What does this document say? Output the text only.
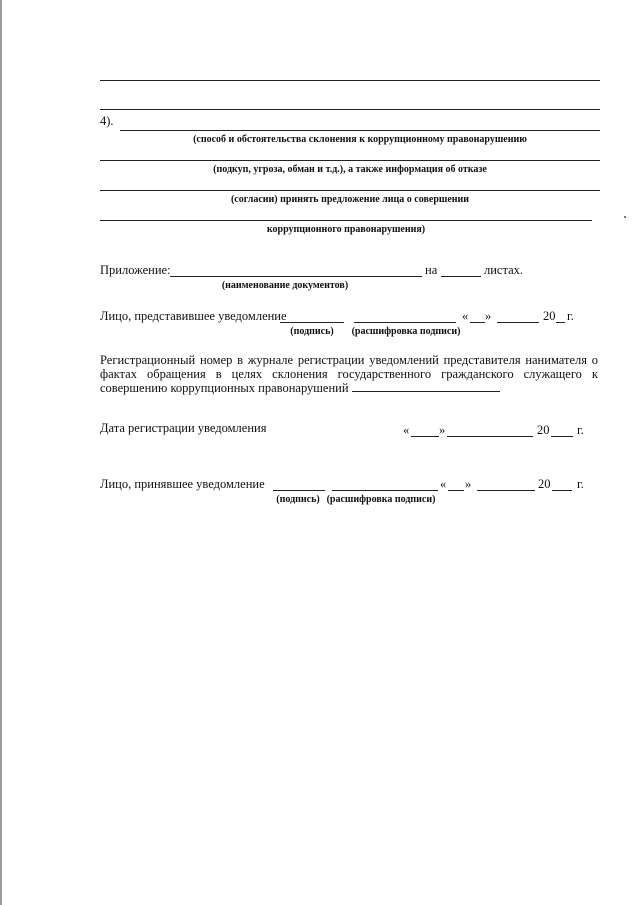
4).
(способ и обстоятельства склонения к коррупционному правонарушению
(подкуп, угроза, обман и т.д.), а также информация об отказе
(согласии) принять предложение лица о совершении
коррупционного правонарушения)
Приложение:	на	листах.
(наименование документов)
Лицо, представившее уведомление	« »	20 г.
(подпись) (расшифровка подписи)
Регистрационный номер в журнале регистрации уведомлений представителя нанимателя о фактах обращения в целях склонения государственного гражданского служащего к совершению коррупционных правонарушений
Дата регистрации уведомления	« »	20 г.
Лицо, принявшее уведомление	« »	20 г.
(подпись) (расшифровка подписи)
